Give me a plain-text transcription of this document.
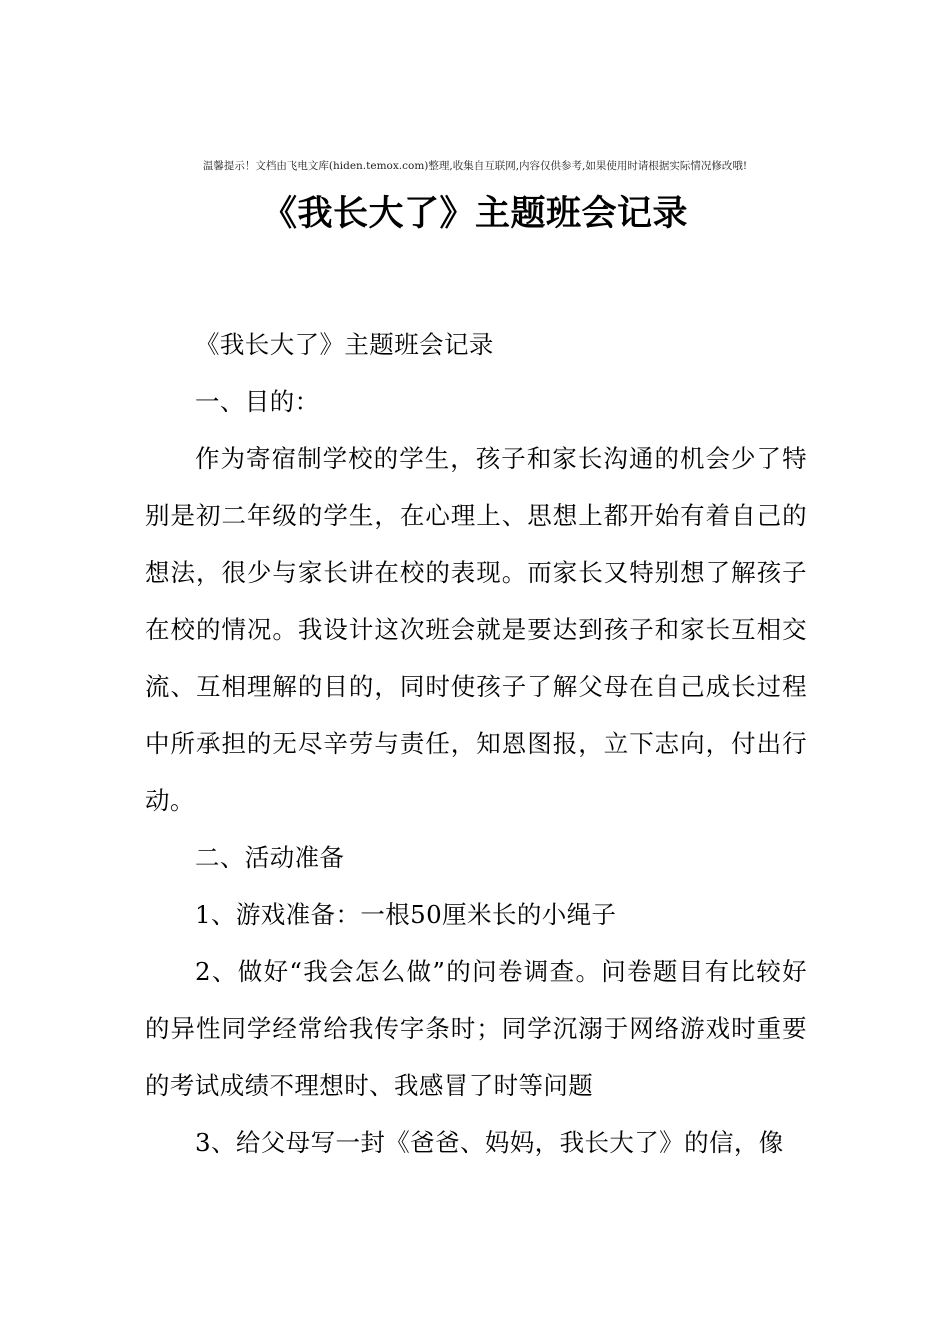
温馨提示！文档由飞电文库(hiden.temox.com)整理,收集自互联网,内容仅供参考,如果使用时请根据实际情况修改哦!
《我长大了》主题班会记录

《我长大了》主题班会记录

一、目的：

作为寄宿制学校的学生，孩子和家长沟通的机会少了特别是初二年级的学生，在心理上、思想上都开始有着自己的想法，很少与家长讲在校的表现。而家长又特别想了解孩子在校的情况。我设计这次班会就是要达到孩子和家长互相交流、互相理解的目的，同时使孩子了解父母在自己成长过程中所承担的无尽辛劳与责任，知恩图报，立下志向，付出行动。

二、活动准备

1、游戏准备：一根50厘米长的小绳子

2、做好“我会怎么做”的问卷调查。问卷题目有比较好的异性同学经常给我传字条时；同学沉溺于网络游戏时重要的考试成绩不理想时、我感冒了时等问题

3、给父母写一封《爸爸、妈妈，我长大了》的信，像
